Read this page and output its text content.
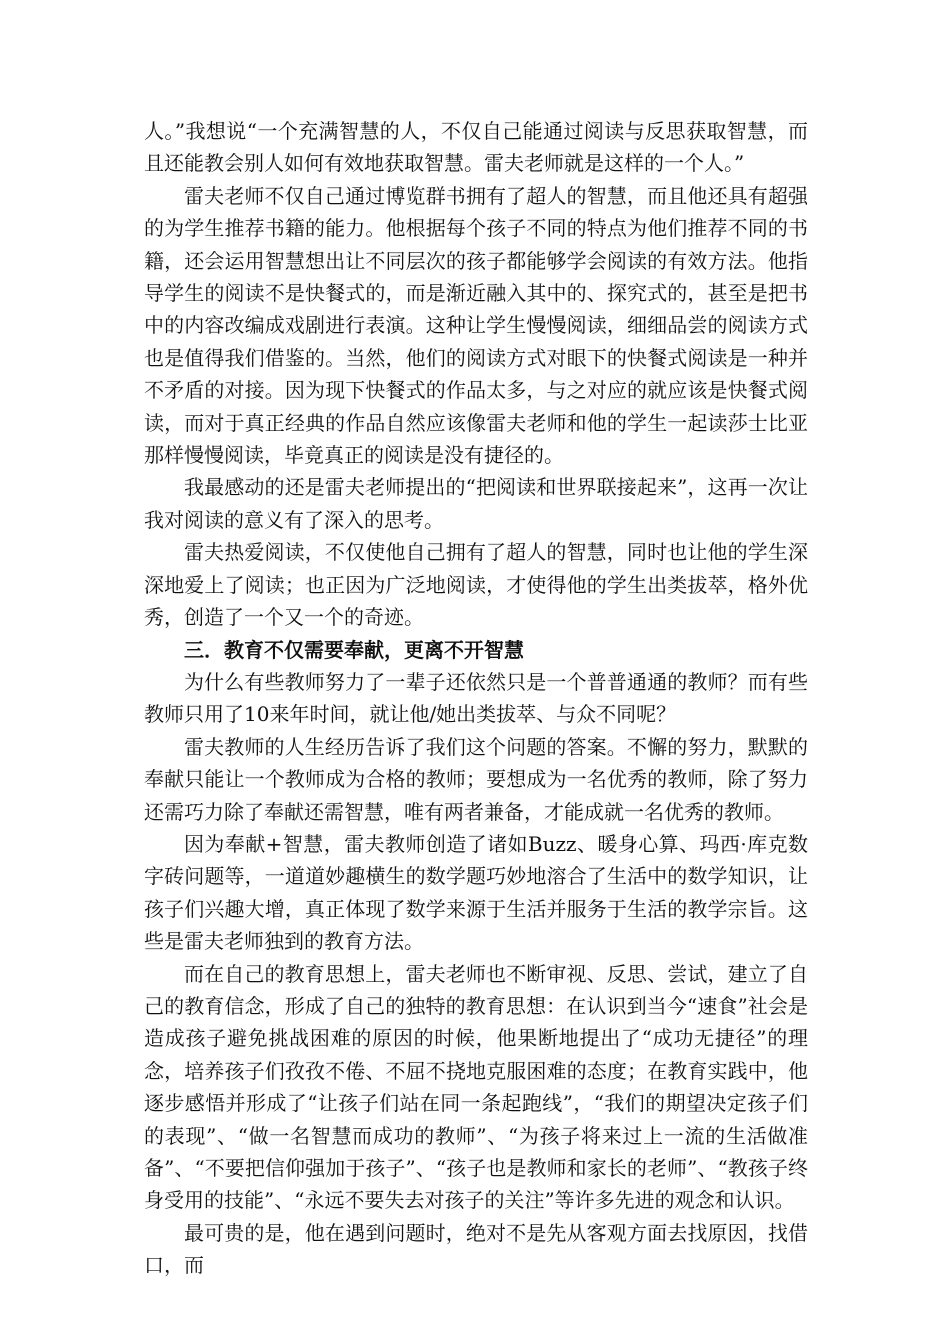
人。”我想说“一个充满智慧的人，不仅自己能通过阅读与反思获取智慧，而且还能教会别人如何有效地获取智慧。雷夫老师就是这样的一个人。”

雷夫老师不仅自己通过博览群书拥有了超人的智慧，而且他还具有超强的为学生推荐书籍的能力。他根据每个孩子不同的特点为他们推荐不同的书籍，还会运用智慧想出让不同层次的孩子都能够学会阅读的有效方法。他指导学生的阅读不是快餐式的，而是渐近融入其中的、探究式的，甚至是把书中的内容改编成戏剧进行表演。这种让学生慢慢阅读，细细品尝的阅读方式也是值得我们借鉴的。当然，他们的阅读方式对眼下的快餐式阅读是一种并不矛盾的对接。因为现下快餐式的作品太多，与之对应的就应该是快餐式阅读，而对于真正经典的作品自然应该像雷夫老师和他的学生一起读莎士比亚那样慢慢阅读，毕竟真正的阅读是没有捷径的。

我最感动的还是雷夫老师提出的“把阅读和世界联接起来”，这再一次让我对阅读的意义有了深入的思考。

雷夫热爱阅读，不仅使他自己拥有了超人的智慧，同时也让他的学生深深地爱上了阅读；也正因为广泛地阅读，才使得他的学生出类拔萃，格外优秀，创造了一个又一个的奇迹。

三．教育不仅需要奉献，更离不开智慧

为什么有些教师努力了一辈子还依然只是一个普普通通的教师？而有些教师只用了10来年时间，就让他/她出类拔萃、与众不同呢？

雷夫教师的人生经历告诉了我们这个问题的答案。不懈的努力，默默的奉献只能让一个教师成为合格的教师；要想成为一名优秀的教师，除了努力还需巧力除了奉献还需智慧，唯有两者兼备，才能成就一名优秀的教师。

因为奉献+智慧，雷夫教师创造了诸如Buzz、暖身心算、玛西·库克数字砖问题等，一道道妙趣横生的数学题巧妙地溶合了生活中的数学知识，让孩子们兴趣大增，真正体现了数学来源于生活并服务于生活的教学宗旨。这些是雷夫老师独到的教育方法。

而在自己的教育思想上，雷夫老师也不断审视、反思、尝试，建立了自己的教育信念，形成了自己的独特的教育思想：在认识到当今“速食”社会是造成孩子避免挑战困难的原因的时候，他果断地提出了“成功无捷径”的理念，培养孩子们孜孜不倦、不屈不挠地克服困难的态度；在教育实践中，他逐步感悟并形成了“让孩子们站在同一条起跑线”，“我们的期望决定孩子们的表现”、“做一名智慧而成功的教师”、“为孩子将来过上一流的生活做准备”、“不要把信仰强加于孩子”、“孩子也是教师和家长的老师”、“教孩子终身受用的技能”、“永远不要失去对孩子的关注”等许多先进的观念和认识。

最可贵的是，他在遇到问题时，绝对不是先从客观方面去找原因，找借口，而
